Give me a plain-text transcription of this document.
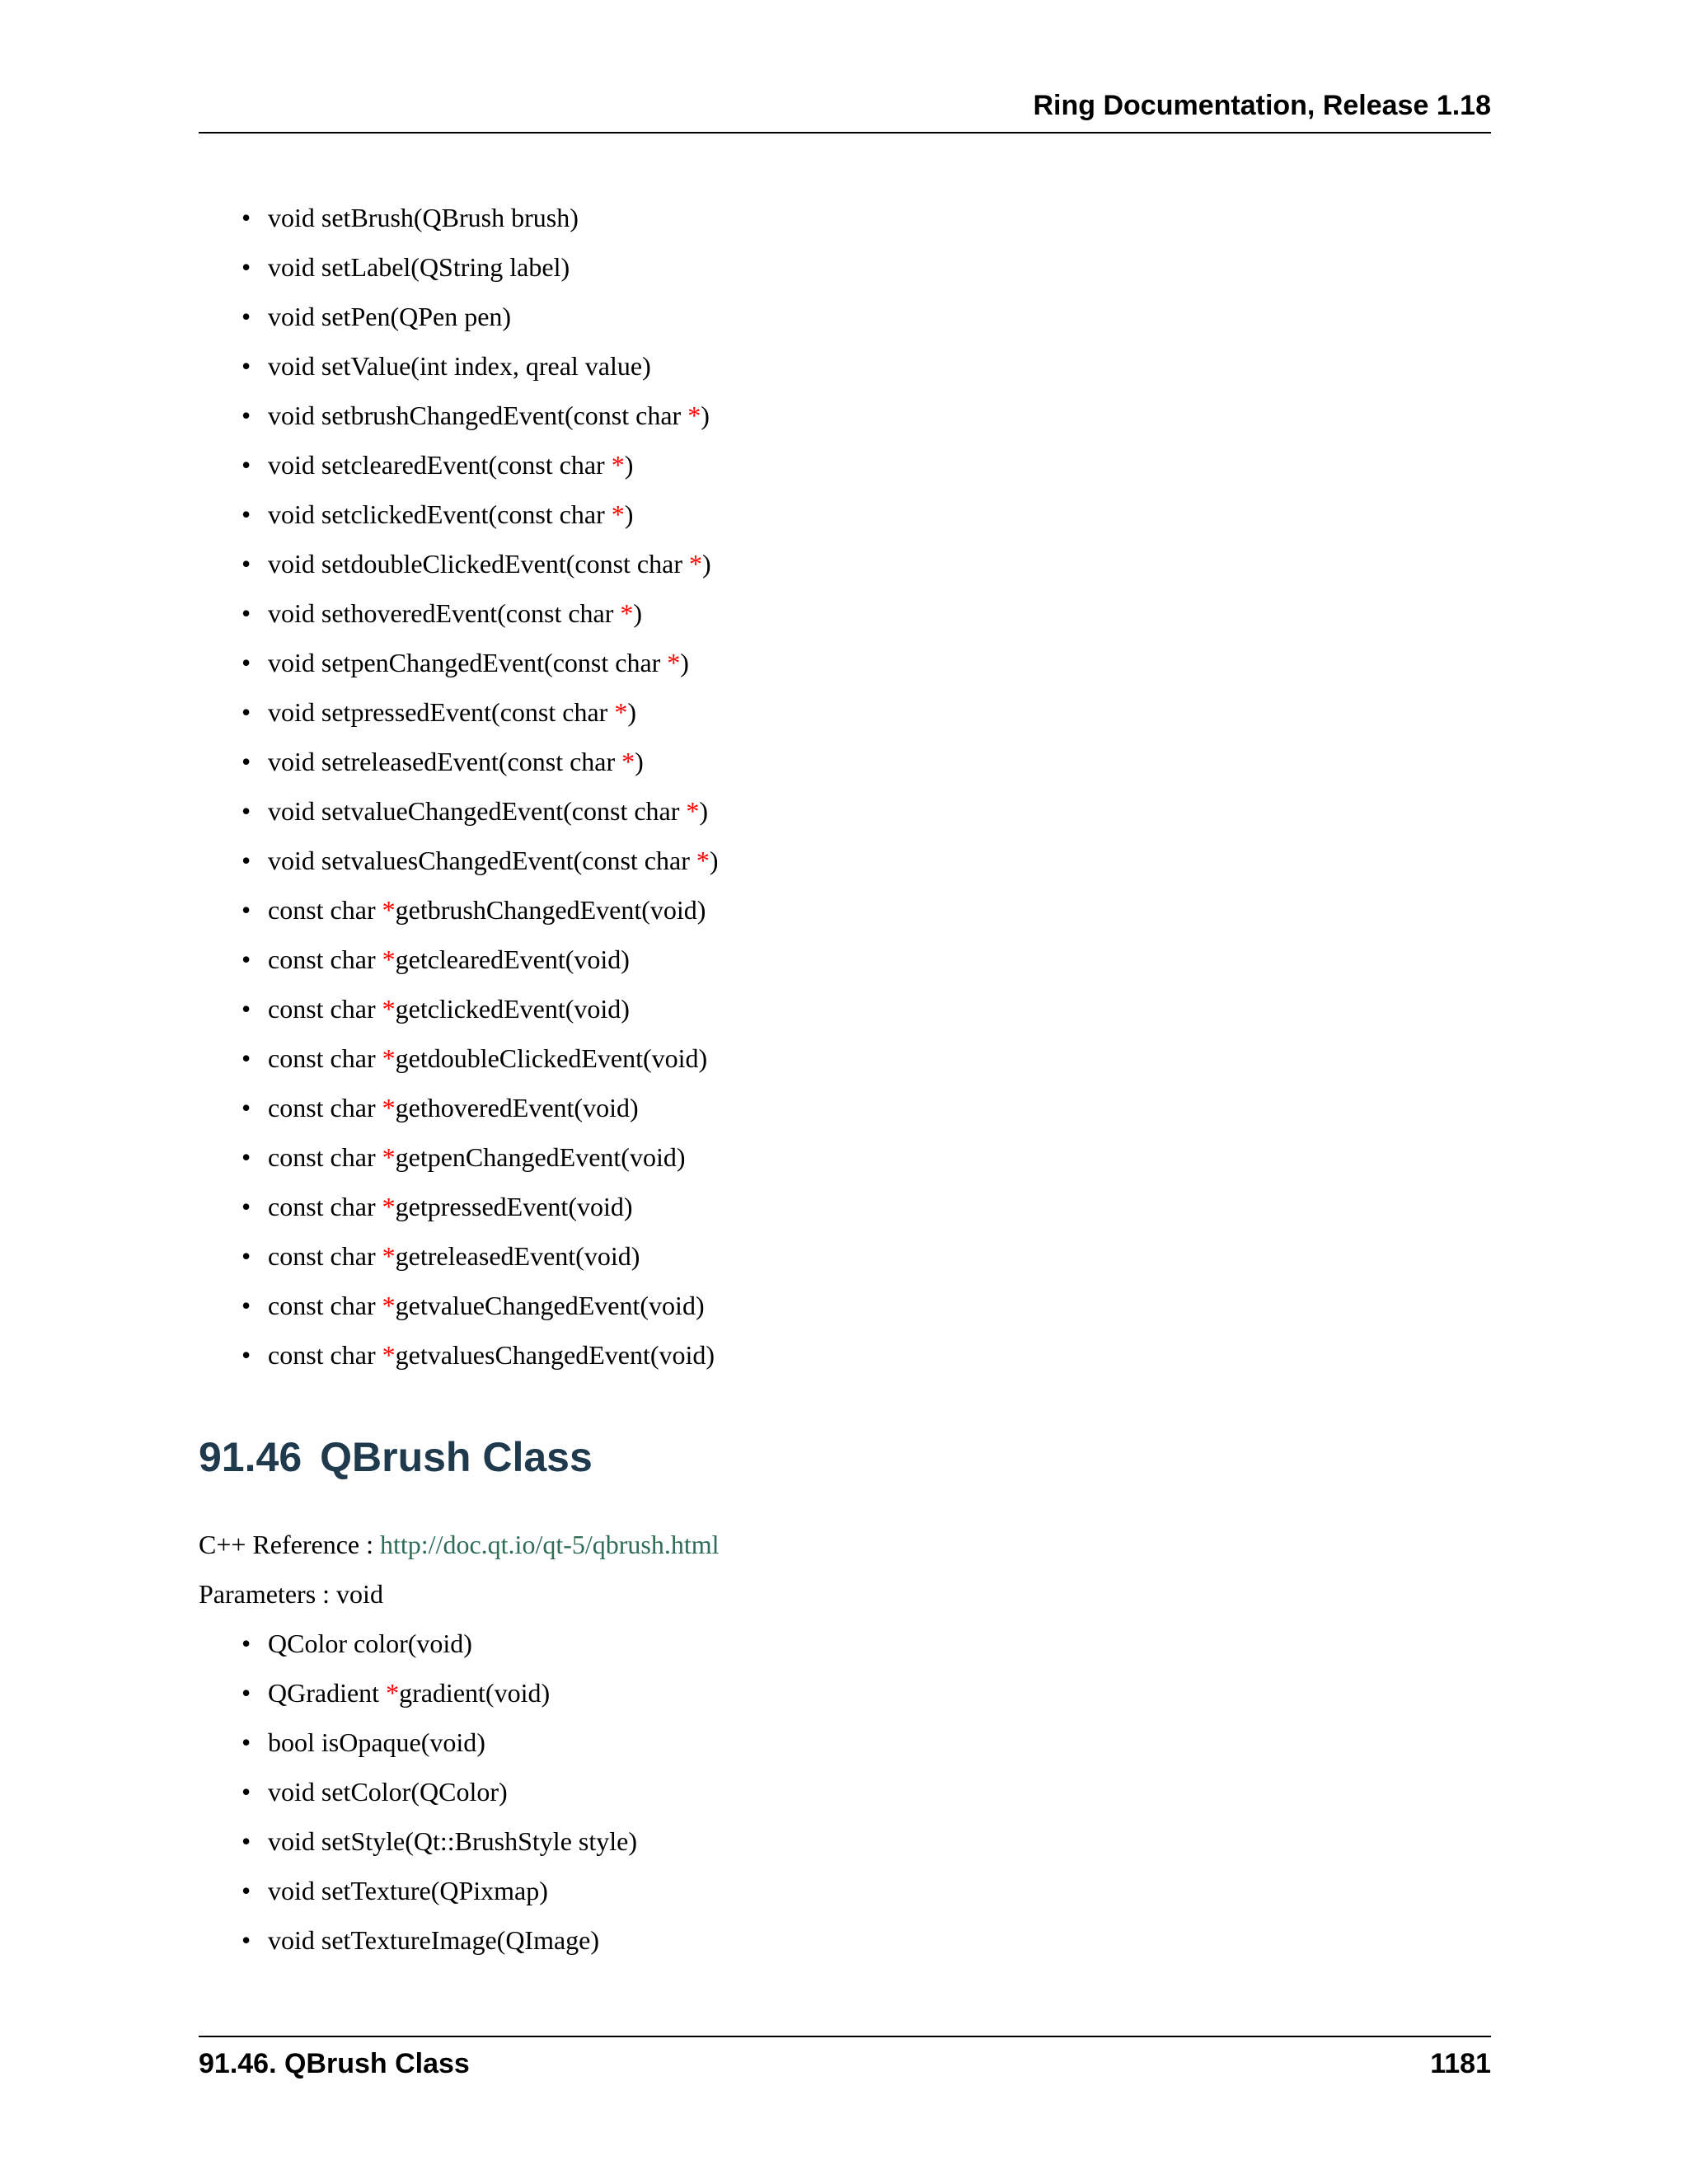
Ring Documentation, Release 1.18
• void setBrush(QBrush brush)
• void setLabel(QString label)
• void setPen(QPen pen)
• void setValue(int index, qreal value)
• void setbrushChangedEvent(const char *)
• void setclearedEvent(const char *)
• void setclickedEvent(const char *)
• void setdoubleClickedEvent(const char *)
• void sethoveredEvent(const char *)
• void setpenChangedEvent(const char *)
• void setpressedEvent(const char *)
• void setreleasedEvent(const char *)
• void setvalueChangedEvent(const char *)
• void setvaluesChangedEvent(const char *)
• const char *getbrushChangedEvent(void)
• const char *getclearedEvent(void)
• const char *getclickedEvent(void)
• const char *getdoubleClickedEvent(void)
• const char *gethoveredEvent(void)
• const char *getpenChangedEvent(void)
• const char *getpressedEvent(void)
• const char *getreleasedEvent(void)
• const char *getvalueChangedEvent(void)
• const char *getvaluesChangedEvent(void)
91.46 QBrush Class
C++ Reference : http://doc.qt.io/qt-5/qbrush.html
Parameters : void
• QColor color(void)
• QGradient *gradient(void)
• bool isOpaque(void)
• void setColor(QColor)
• void setStyle(Qt::BrushStyle style)
• void setTexture(QPixmap)
• void setTextureImage(QImage)
91.46. QBrush Class	1181
